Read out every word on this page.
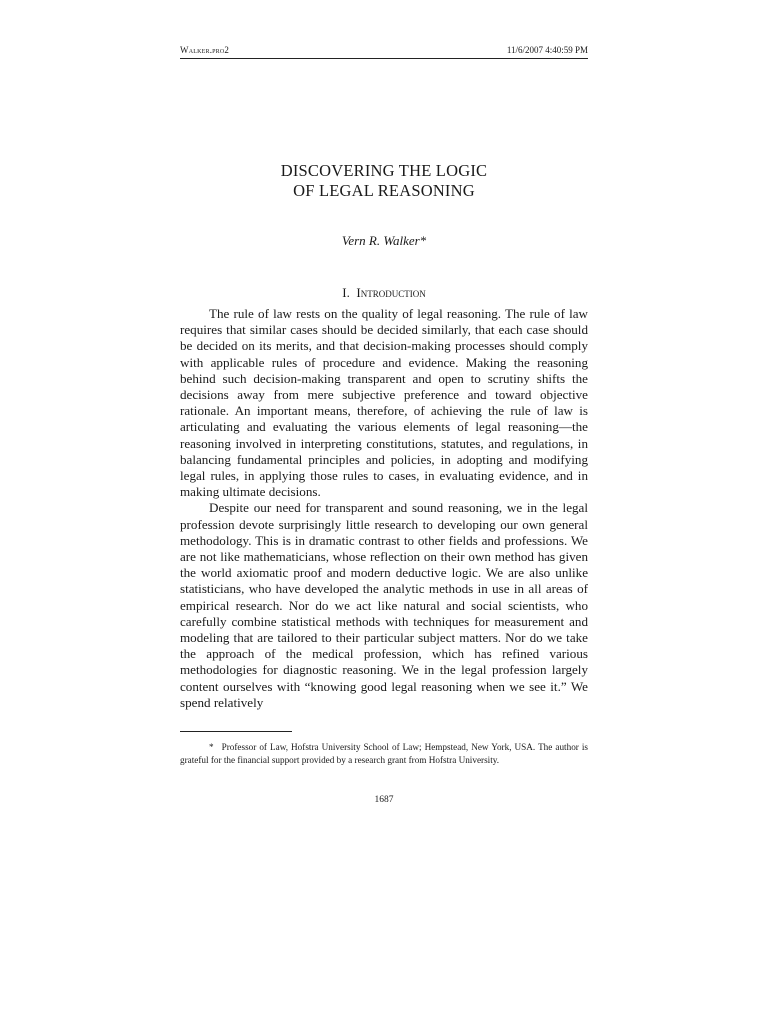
Walker.pro2	11/6/2007 4:40:59 PM
DISCOVERING THE LOGIC
OF LEGAL REASONING
Vern R. Walker*
I. Introduction

The rule of law rests on the quality of legal reasoning. The rule of law requires that similar cases should be decided similarly, that each case should be decided on its merits, and that decision-making processes should comply with applicable rules of procedure and evidence. Making the reasoning behind such decision-making transparent and open to scrutiny shifts the decisions away from mere subjective preference and toward objective rationale. An important means, therefore, of achieving the rule of law is articulating and evaluating the various elements of legal reasoning—the reasoning involved in interpreting constitutions, statutes, and regulations, in balancing fundamental principles and policies, in adopting and modifying legal rules, in applying those rules to cases, in evaluating evidence, and in making ultimate decisions.

Despite our need for transparent and sound reasoning, we in the legal profession devote surprisingly little research to developing our own general methodology. This is in dramatic contrast to other fields and professions. We are not like mathematicians, whose reflection on their own method has given the world axiomatic proof and modern deductive logic. We are also unlike statisticians, who have developed the analytic methods in use in all areas of empirical research. Nor do we act like natural and social scientists, who carefully combine statistical methods with techniques for measurement and modeling that are tailored to their particular subject matters. Nor do we take the approach of the medical profession, which has refined various methodologies for diagnostic reasoning. We in the legal profession largely content ourselves with “knowing good legal reasoning when we see it.” We spend relatively

* Professor of Law, Hofstra University School of Law; Hempstead, New York, USA. The author is grateful for the financial support provided by a research grant from Hofstra University.
1687
